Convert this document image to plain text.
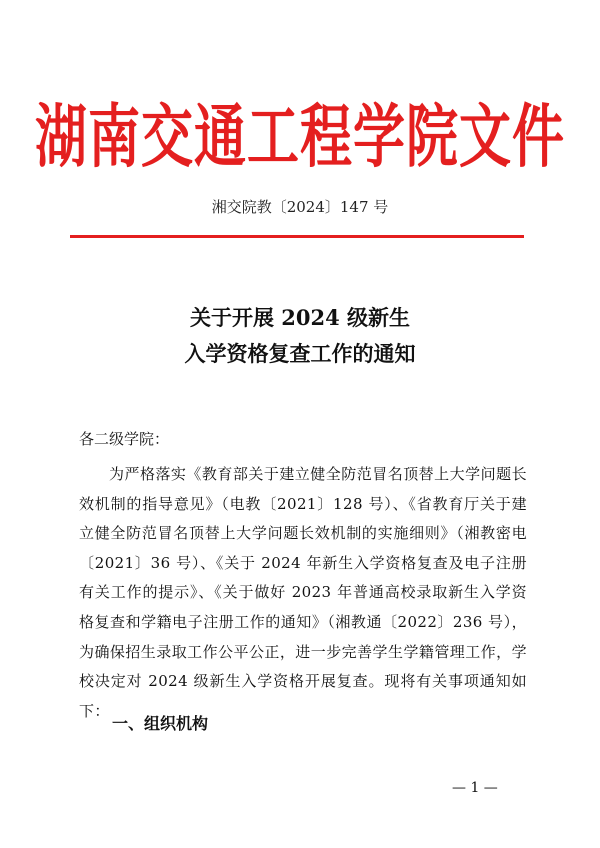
湖南交通工程学院文件
湘交院教〔2024〕147 号
关于开展 2024 级新生
入学资格复查工作的通知
各二级学院：

为严格落实《教育部关于建立健全防范冒名顶替上大学问题长效机制的指导意见》（电教〔2021〕128 号）、《省教育厅关于建立健全防范冒名顶替上大学问题长效机制的实施细则》（湘教密电〔2021〕36 号）、《关于 2024 年新生入学资格复查及电子注册有关工作的提示》、《关于做好 2023 年普通高校录取新生入学资格复查和学籍电子注册工作的通知》（湘教通〔2022〕236 号），为确保招生录取工作公平公正，进一步完善学生学籍管理工作，学校决定对 2024 级新生入学资格开展复查。现将有关事项通知如下：

一、组织机构
— 1 —
